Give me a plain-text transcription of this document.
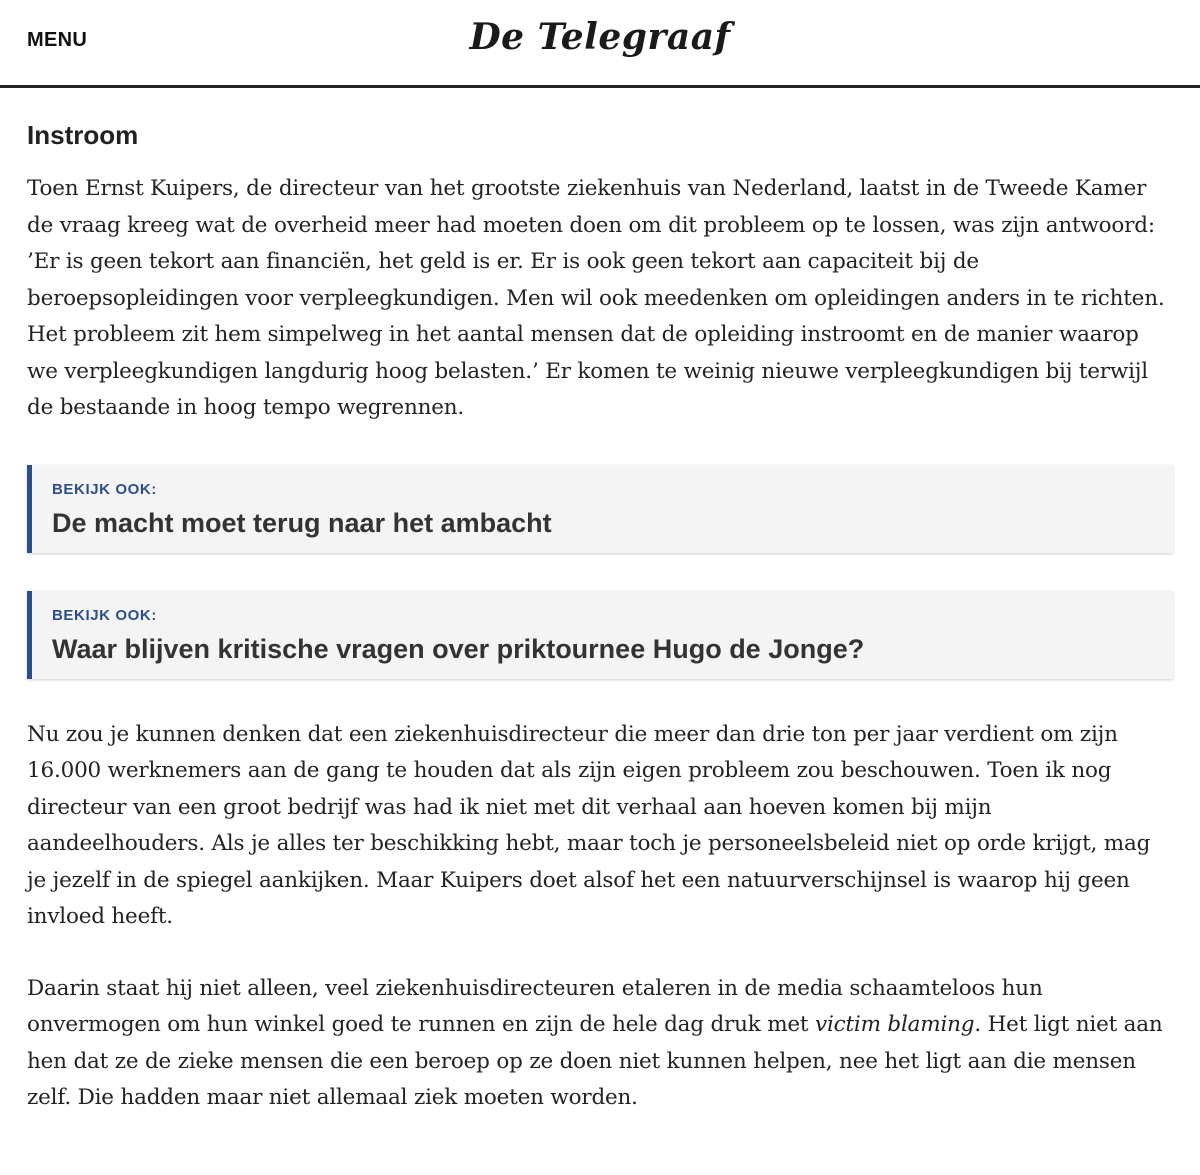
MENU	De Telegraaf
Instroom

Toen Ernst Kuipers, de directeur van het grootste ziekenhuis van Nederland, laatst in de Tweede Kamer de vraag kreeg wat de overheid meer had moeten doen om dit probleem op te lossen, was zijn antwoord: ’Er is geen tekort aan financiën, het geld is er. Er is ook geen tekort aan capaciteit bij de beroepsopleidingen voor verpleegkundigen. Men wil ook meedenken om opleidingen anders in te richten. Het probleem zit hem simpelweg in het aantal mensen dat de opleiding instroomt en de manier waarop we verpleegkundigen langdurig hoog belasten.’ Er komen te weinig nieuwe verpleegkundigen bij terwijl de bestaande in hoog tempo wegrennen.

BEKIJK OOK:
De macht moet terug naar het ambacht
BEKIJK OOK:
Waar blijven kritische vragen over priktournee Hugo de Jonge?

Nu zou je kunnen denken dat een ziekenhuisdirecteur die meer dan drie ton per jaar verdient om zijn 16.000 werknemers aan de gang te houden dat als zijn eigen probleem zou beschouwen. Toen ik nog directeur van een groot bedrijf was had ik niet met dit verhaal aan hoeven komen bij mijn aandeelhouders. Als je alles ter beschikking hebt, maar toch je personeelsbeleid niet op orde krijgt, mag je jezelf in de spiegel aankijken. Maar Kuipers doet alsof het een natuurverschijnsel is waarop hij geen invloed heeft.

Daarin staat hij niet alleen, veel ziekenhuisdirecteuren etaleren in de media schaamteloos hun onvermogen om hun winkel goed te runnen en zijn de hele dag druk met victim blaming. Het ligt niet aan hen dat ze de zieke mensen die een beroep op ze doen niet kunnen helpen, nee het ligt aan die mensen zelf. Die hadden maar niet allemaal ziek moeten worden.
